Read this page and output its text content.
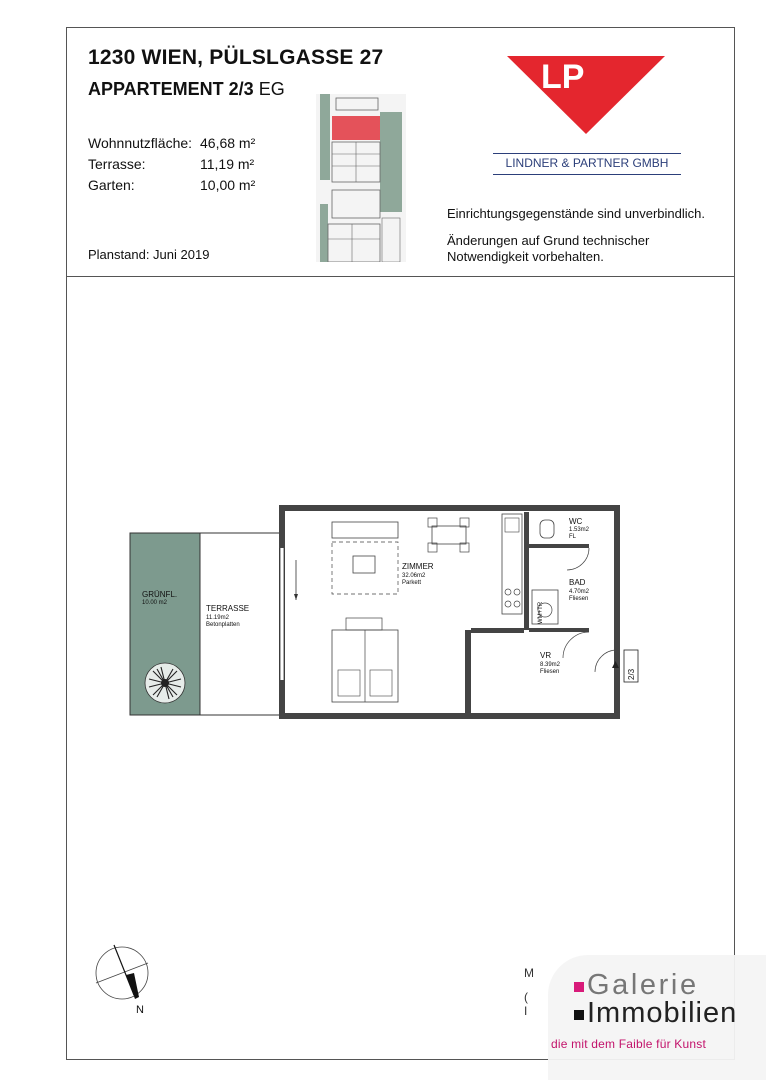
1230 WIEN, PÜLSLGASSE 27
APPARTEMENT 2/3 EG
Wohnnutzfläche: 46,68 m²
Terrasse:	11,19 m²
Garten:	10,00 m²
Planstand: Juni 2019
LP
LINDNER & PARTNER GMBH
Einrichtungsgegenstände sind unverbindlich.
Änderungen auf Grund technischer
Notwendigkeit vorbehalten.
2/3
GRÜNFL.
10.00 m2
TERRASSE
11.19m2
Betonplatten
ZIMMER
32.06m2
Parkett
WC
1.53m2
FL
BAD
4.70m2
Fliesen
WM+TR
VR
8.39m2
Fliesen
N
M
(
I
Galerie
Immobilien
die mit dem Faible für Kunst
